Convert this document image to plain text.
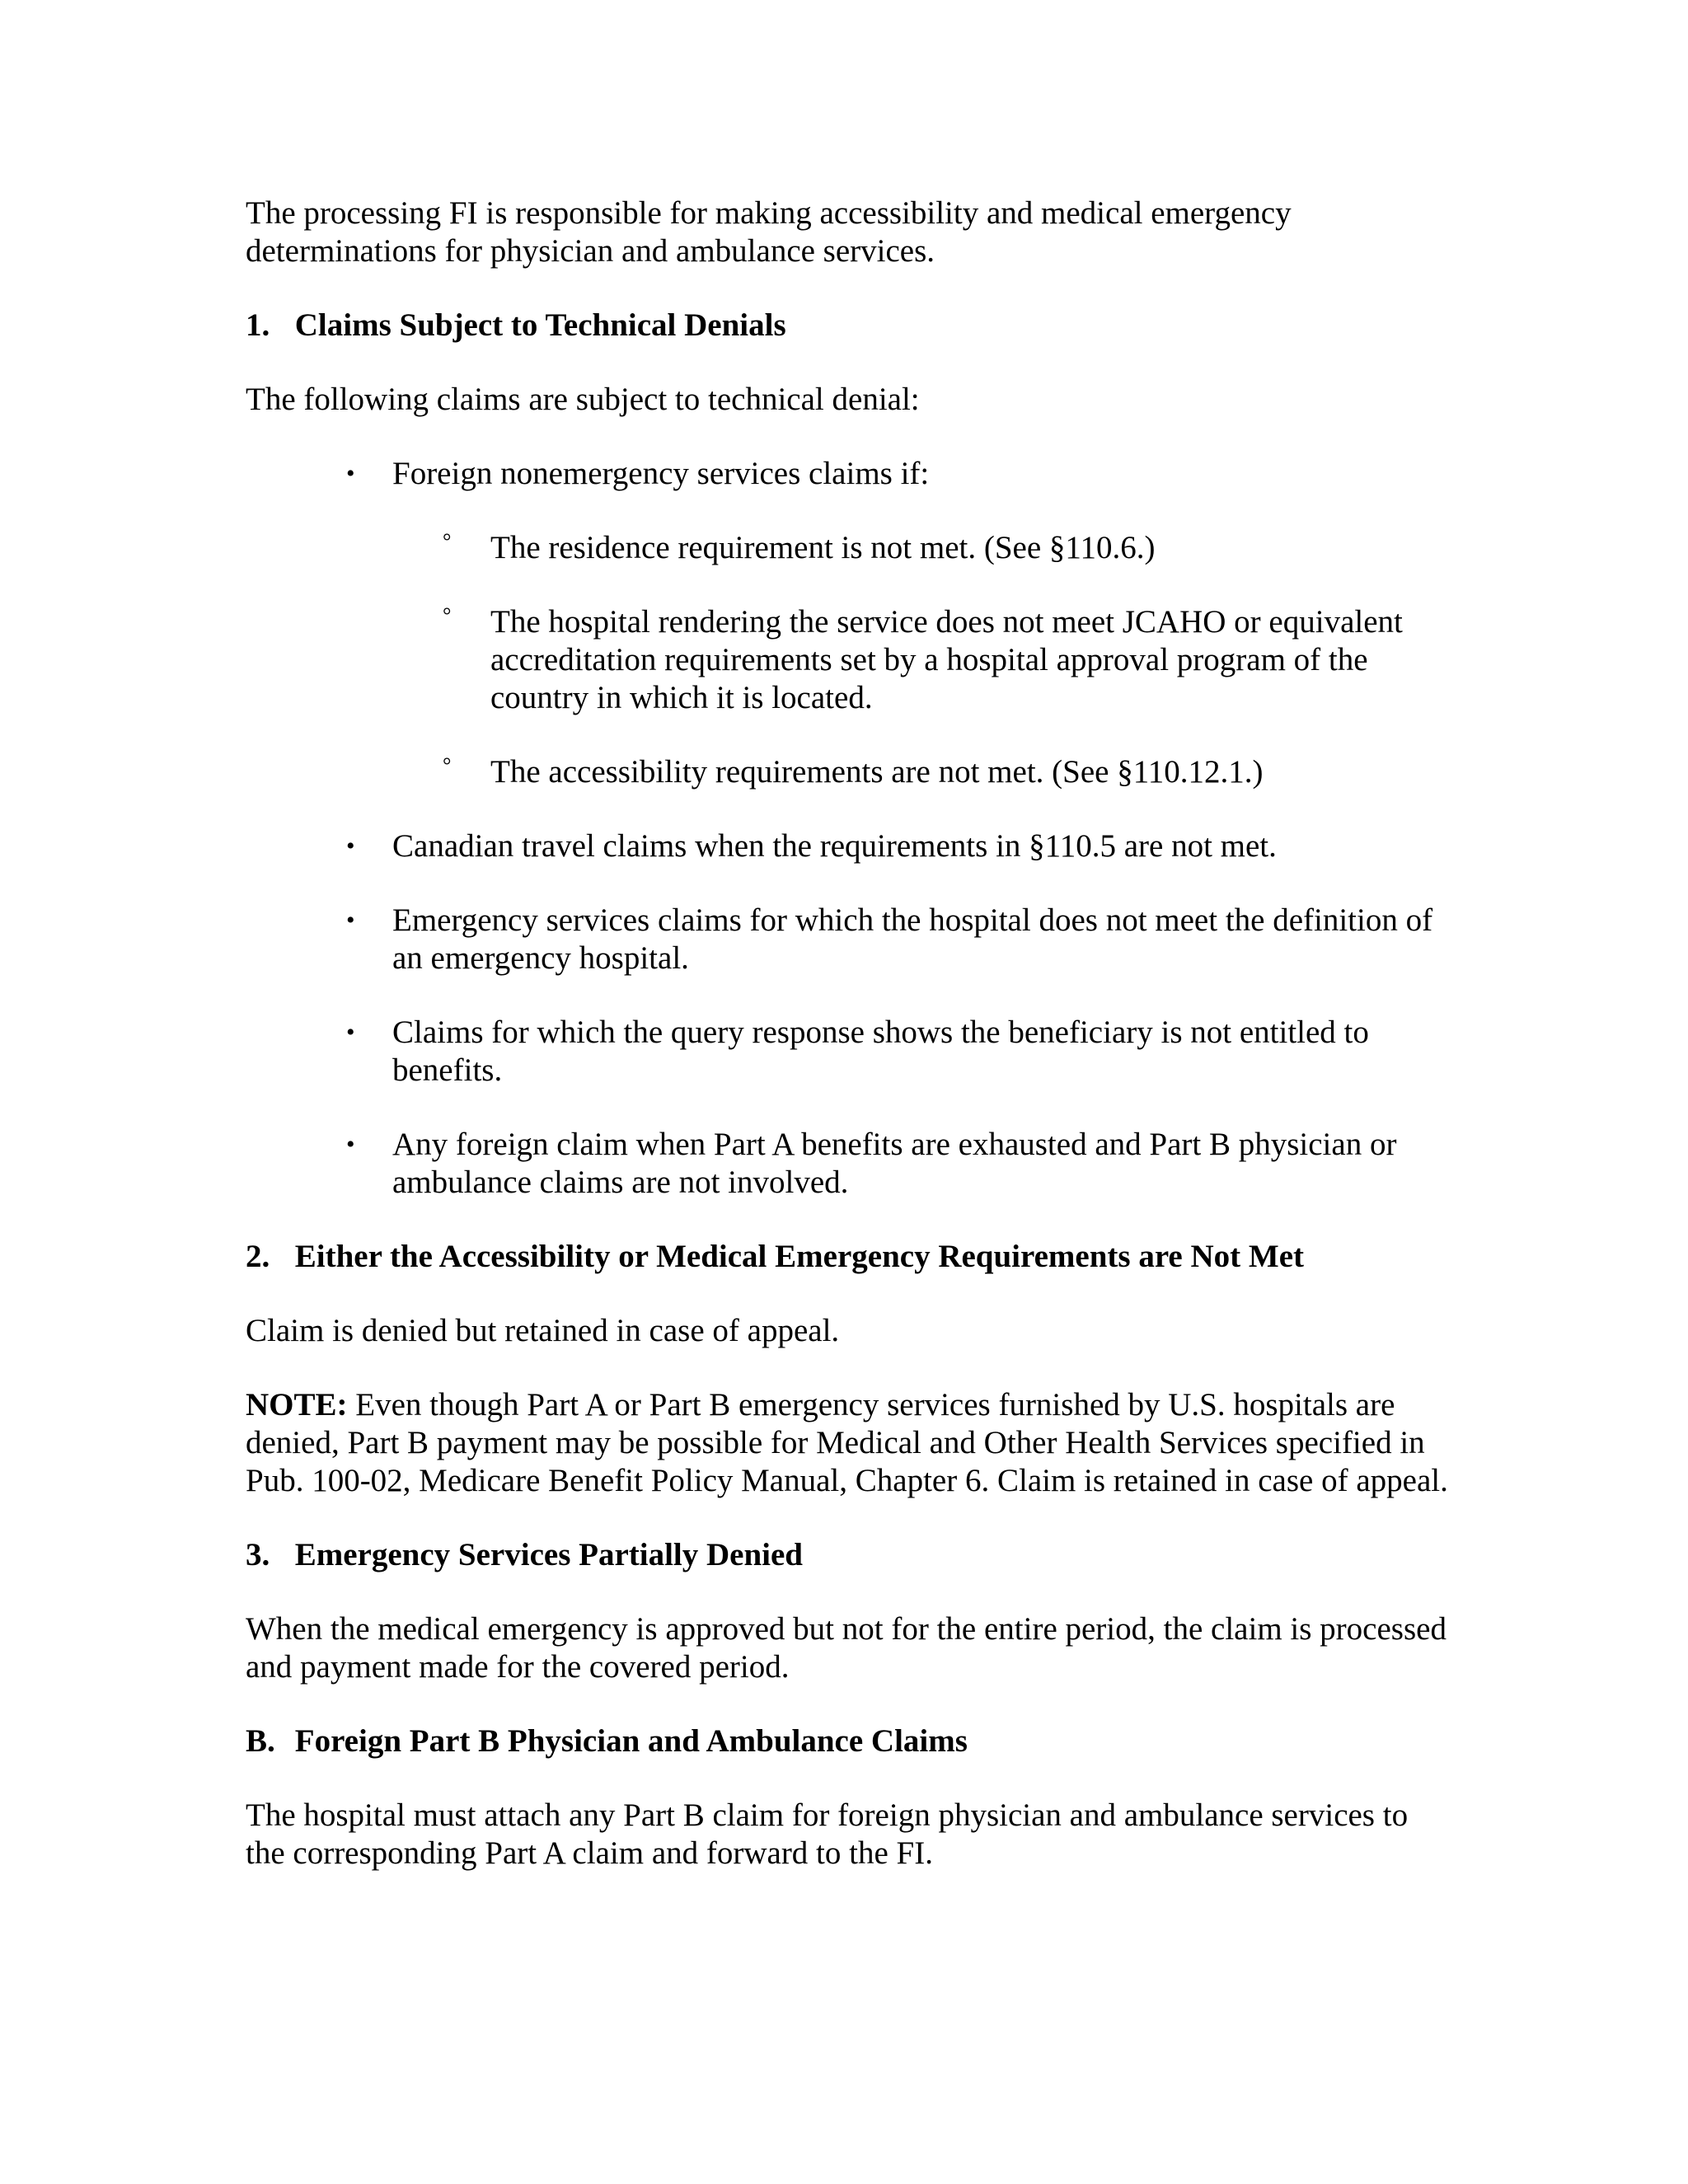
The processing FI is responsible for making accessibility and medical emergency determinations for physician and ambulance services.

1. Claims Subject to Technical Denials

The following claims are subject to technical denial:

• Foreign nonemergency services claims if:
° The residence requirement is not met. (See §110.6.)
° The hospital rendering the service does not meet JCAHO or equivalent accreditation requirements set by a hospital approval program of the country in which it is located.
° The accessibility requirements are not met. (See §110.12.1.)
• Canadian travel claims when the requirements in §110.5 are not met.
• Emergency services claims for which the hospital does not meet the definition of an emergency hospital.
• Claims for which the query response shows the beneficiary is not entitled to benefits.
• Any foreign claim when Part A benefits are exhausted and Part B physician or ambulance claims are not involved.

2. Either the Accessibility or Medical Emergency Requirements are Not Met

Claim is denied but retained in case of appeal.

NOTE: Even though Part A or Part B emergency services furnished by U.S. hospitals are denied, Part B payment may be possible for Medical and Other Health Services specified in Pub. 100-02, Medicare Benefit Policy Manual, Chapter 6. Claim is retained in case of appeal.

3. Emergency Services Partially Denied

When the medical emergency is approved but not for the entire period, the claim is processed and payment made for the covered period.

B. Foreign Part B Physician and Ambulance Claims

The hospital must attach any Part B claim for foreign physician and ambulance services to the corresponding Part A claim and forward to the FI.
